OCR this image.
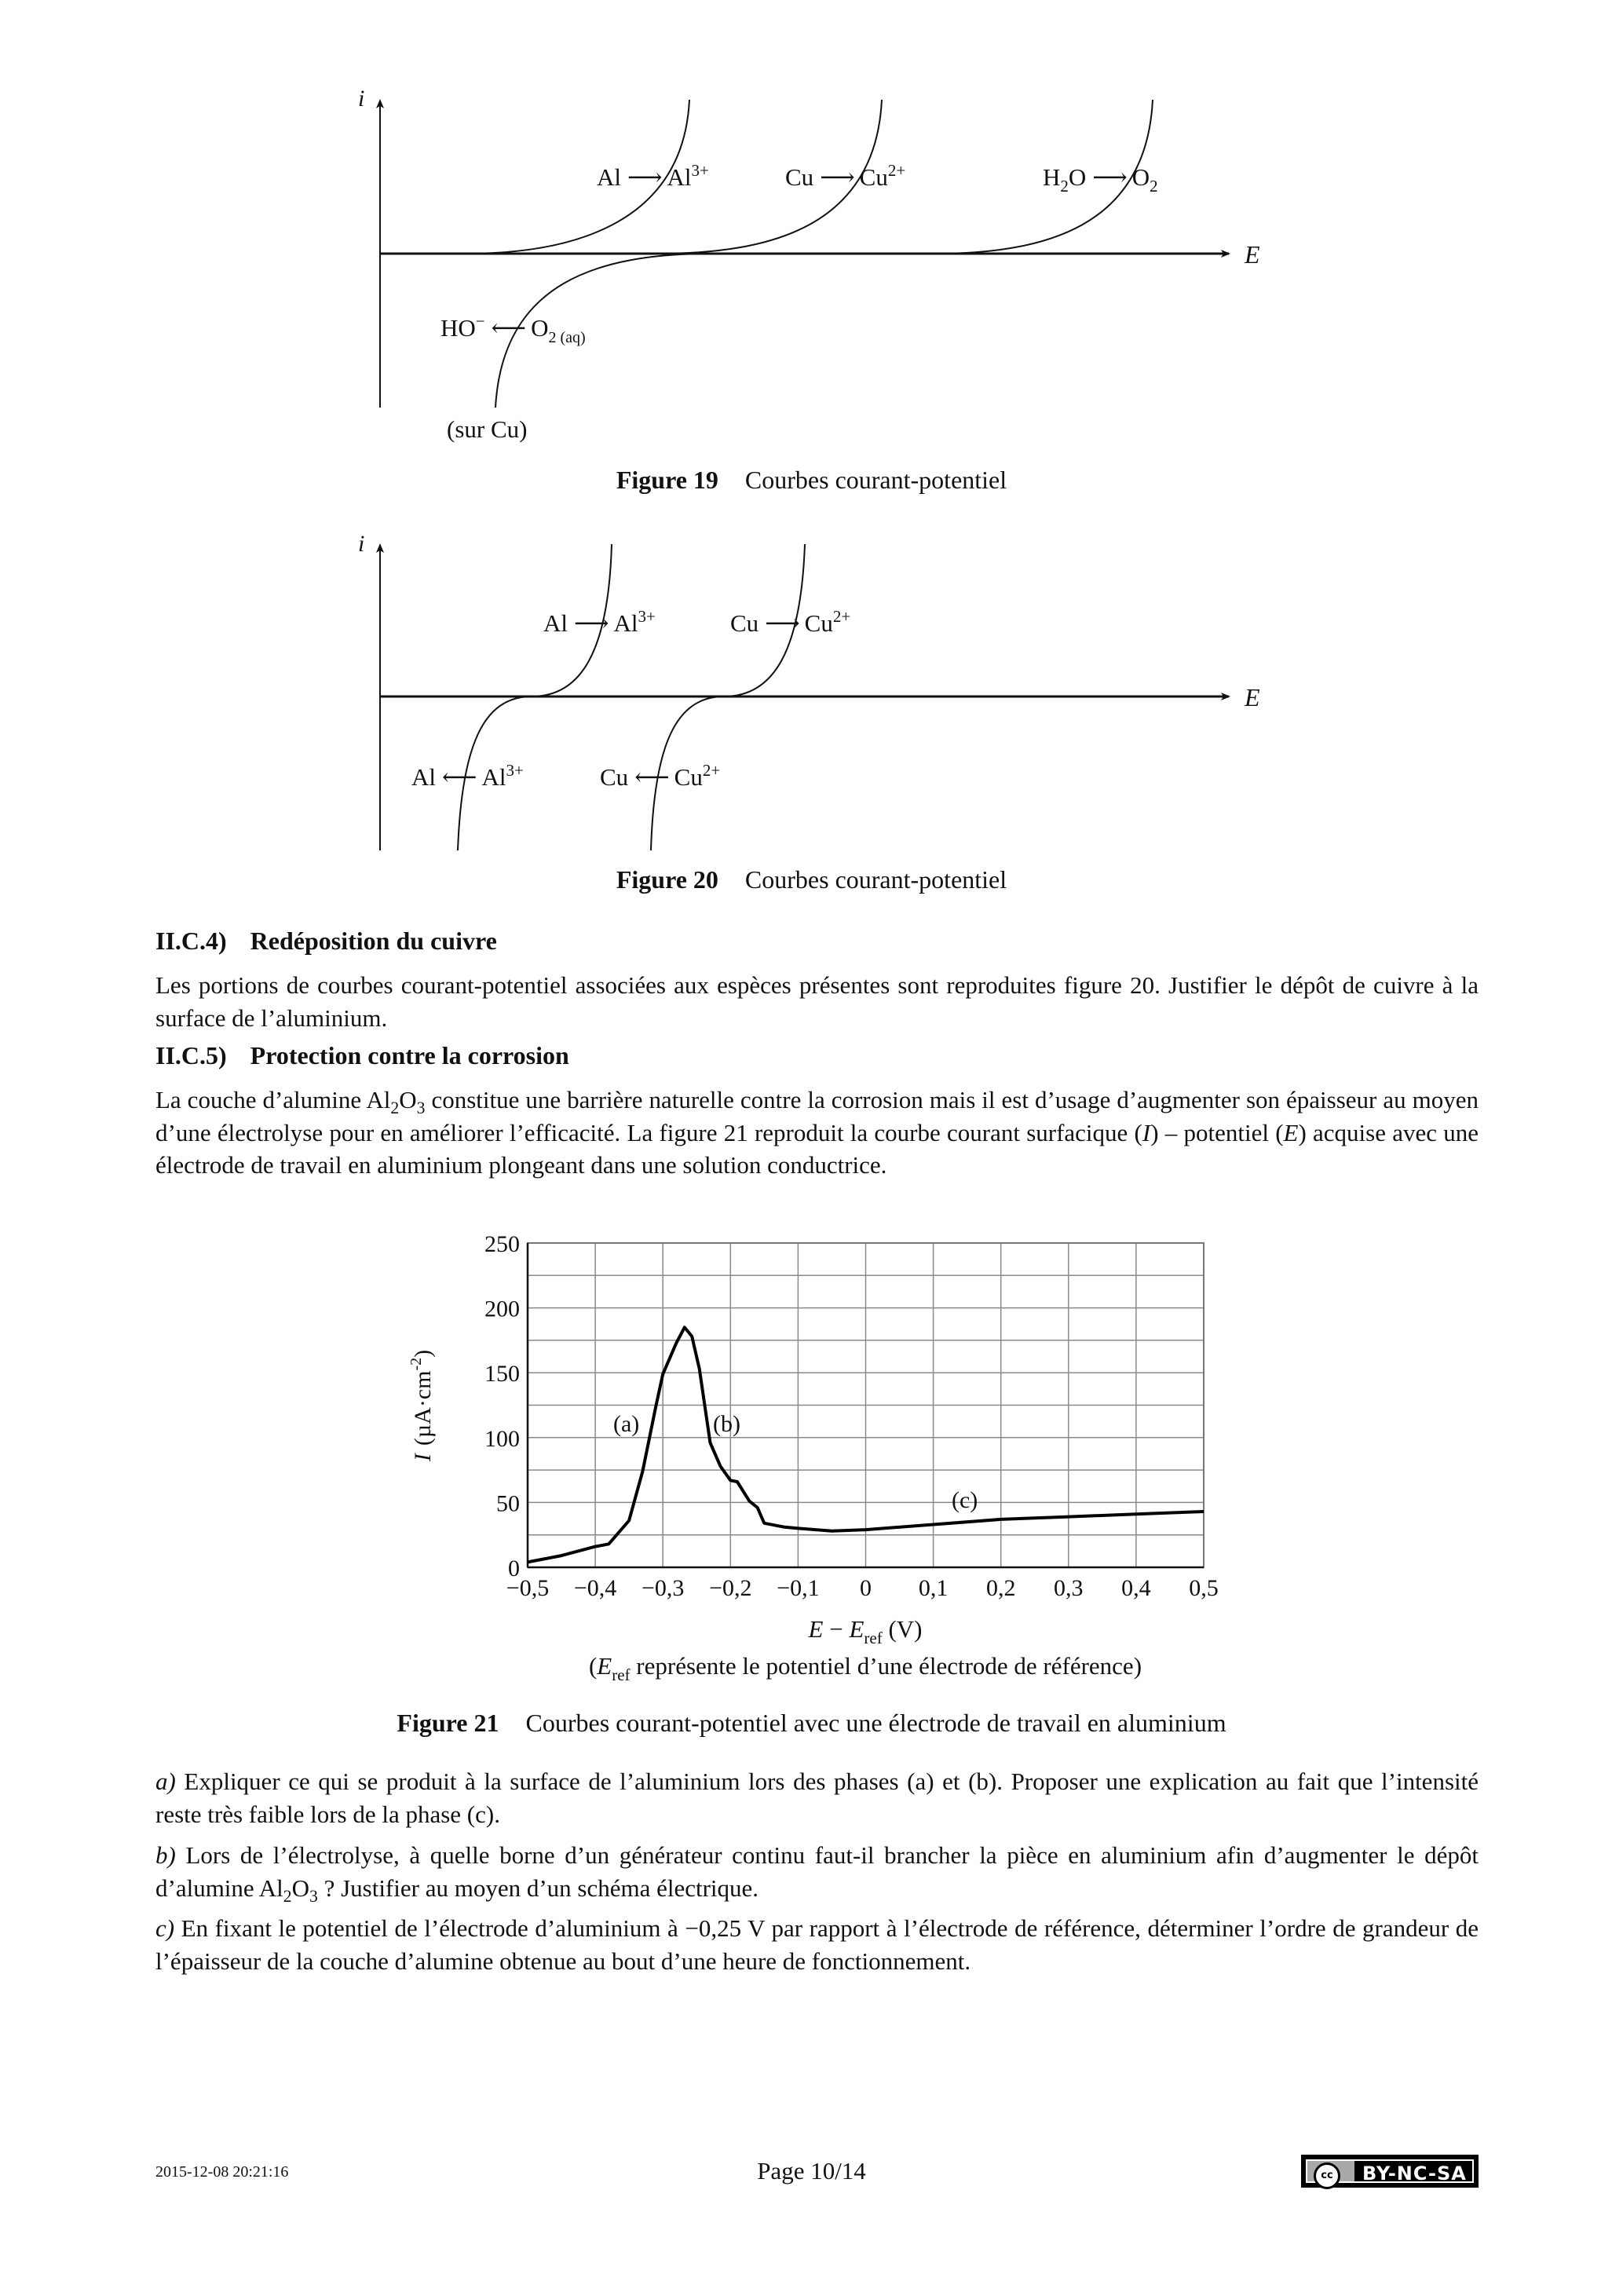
i
E
Al ⟶ $Al^{3+}$	Cu ⟶ $Cu^{2+}$	$H_2O$ ⟶ $O_2$
HO− ⟵ $O_{2 (aq)}$
(sur Cu)
Figure 19 Courbes courant-potentiel
i
E
Al ⟶ $Al^{3+}$	Cu ⟶ $Cu^{2+}$
Al ⟵ $Al^{3+}$	Cu ⟵ $Cu^{2+}$
Figure 20 Courbes courant-potentiel
II.C.4) Redéposition du cuivre

Les portions de courbes courant-potentiel associées aux espèces présentes sont reproduites figure 20. Justifier le dépôt de cuivre à la surface de l’aluminium.

II.C.5) Protection contre la corrosion

La couche d’alumine $Al_2O_3$ constitue une barrière naturelle contre la corrosion mais il est d’usage d’augmenter son épaisseur au moyen d’une électrolyse pour en améliorer l’efficacité. La figure 21 reproduit la courbe courant surfacique (I) – potentiel (E) acquise avec une électrode de travail en aluminium plongeant dans une solution conductrice.

0
50
100
150
200
250
−0,5 −0,4 −0,3 −0,2 −0,1 0 0,1 0,2 0,3 0,4 0,5
(a)	(b)
(c)
$I(\mu A\cdot cm^{-2})$
$E - E_{ref}$ (V)
($E_{ref}$ représente le potentiel d’une électrode de référence)
Figure 21 Courbes courant-potentiel avec une électrode de travail en aluminium
a) Expliquer ce qui se produit à la surface de l’aluminium lors des phases (a) et (b). Proposer une explication au fait que l’intensité reste très faible lors de la phase (c).
b) Lors de l’électrolyse, à quelle borne d’un générateur continu faut-il brancher la pièce en aluminium afin d’augmenter le dépôt d’alumine $Al_2O_3$ ? Justifier au moyen d’un schéma électrique.
c) En fixant le potentiel de l’électrode d’aluminium à −0,25 V par rapport à l’électrode de référence, déterminer l’ordre de grandeur de l’épaisseur de la couche d’alumine obtenue au bout d’une heure de fonctionnement.
2015-12-08 20:21:16	Page 10/14	cc	BY-NC-SA
